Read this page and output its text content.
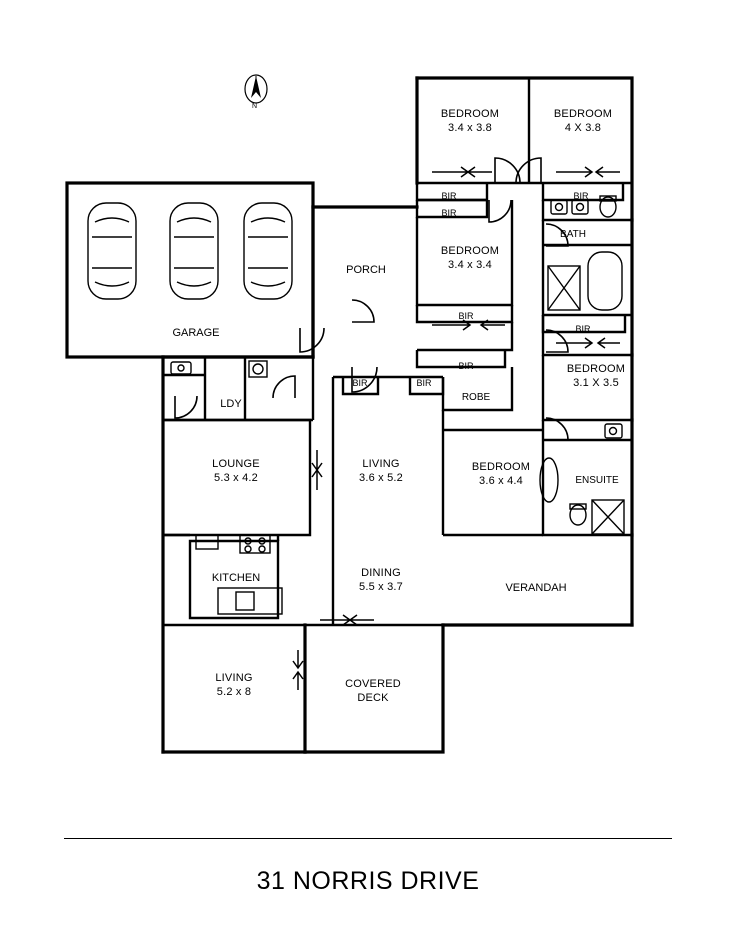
N
BEDROOM
3.4 x 3.8
BEDROOM
4 X 3.8
BEDROOM
3.4 x 3.4
BEDROOM
3.1 X 3.5
BEDROOM
3.6 x 4.4
LOUNGE
5.3 x 4.2
LIVING
3.6 x 5.2
DINING
5.5 x 3.7
LIVING
5.2 x 8
COVERED
DECK
GARAGE
PORCH
LDY
KITCHEN
VERANDAH
BATH
ENSUITE
ROBE
BIR	BIR
BIR
BIR
BIR
BIR
BIR	BIR
31 NORRIS DRIVE
